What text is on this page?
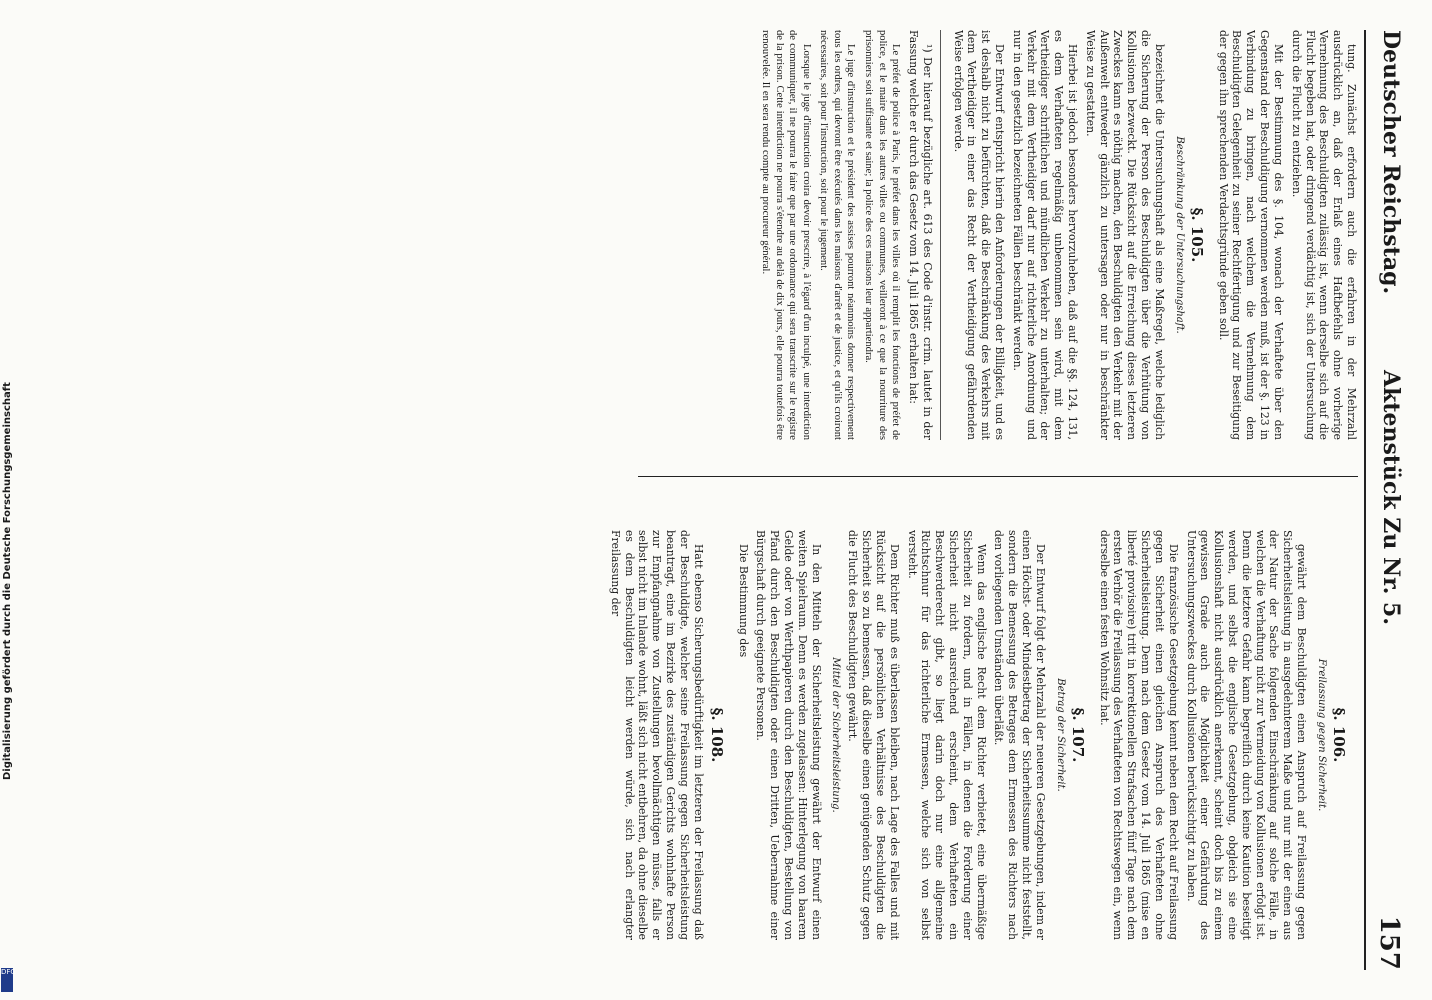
Digitalisierung gefördert durch die Deutsche Forschungsgemeinschaft
DFG
Deutscher Reichstag.
Aktenstück Zu Nr. 5.
157

tung. Zunächst erfordern auch die erfahren in der Mehrzahl ausdrücklich an, daß der Erlaß eines Haftbefehls ohne vorherige Vernehmung des Beschuldigten zulässig ist, wenn derselbe sich auf die Flucht begeben hat, oder dringend verdächtig ist, sich der Untersuchung durch die Flucht zu entziehen.

Mit der Bestimmung des §. 104, wonach der Verhaftete über den Gegenstand der Beschuldigung vernommen werden muß, ist der §. 123 in Verbindung zu bringen, nach welchem die Vernehmung dem Beschuldigten Gelegenheit zu seiner Rechtfertigung und zur Beseitigung der gegen ihn sprechenden Verdachtsgründe geben soll.

§. 105.
Beschränkung der Untersuchungshaft.

bezeichnet die Untersuchungshaft als eine Maßregel, welche lediglich die Sicherung der Person des Beschuldigten über die Verhütung von Kollusionen bezweckt. Die Rücksicht auf die Erreichung dieses letzteren Zweckes kann es nöthig machen, den Beschuldigten den Verkehr mit der Außenwelt entweder gänzlich zu untersagen oder nur in beschränkter Weise zu gestatten.

Hierbei ist jedoch besonders hervorzuheben, daß auf die §§. 124, 131, es dem Verhafteten regelmäßig unbenommen sein wird, mit dem Vertheidiger schriftlichen und mündlichen Verkehr zu unterhalten; der Verkehr mit dem Vertheidiger darf nur auf richterliche Anordnung und nur in den gesetzlich bezeichneten Fällen beschränkt werden.

Der Entwurf entspricht hierin den Anforderungen der Billigkeit, und es ist deshalb nicht zu befürchten, daß die Beschränkung des Verkehrs mit dem Vertheidiger in einer das Recht der Vertheidigung gefährdenden Weise erfolgen werde.

¹) Der hierauf bezügliche art. 613 des Code d'instr. crim. lautet in der Fassung welche er durch das Gesetz vom 14. Juli 1865 erhalten hat:

Le préfet de police à Paris, le préfet dans les villes où il remplit les fonctions de préfet de police, et le maire dans les autres villes ou communes, veilleront à ce que la nourriture des prisonniers soit suffisante et saine; la police des ces maisons leur appartiendra.

Le juge d'instruction et le président des assises pourront néanmoins donner respectivement tous les ordres, qui devront être exécutés dans les maisons d'arrêt et de justice, et qu'ils croiront nécessaires, soit pour l'instruction, soit pour le jugement.

Lorsque le juge d'instruction croira devoir prescrire, à l'égard d'un inculpé, une interdiction de communiquer, il ne pourra le faire que par une ordonnance qui sera transcrite sur le registre de la prison. Cette interdiction ne pourra s'étendre au delà de dix jours, elle pourra toutefois être renouvelée. Il en sera rendu compte au procureur général.

§. 106.
Freilassung gegen Sicherheit.

gewährt dem Beschuldigten einen Anspruch auf Freilassung gegen Sicherheitsleistung in ausgedehnterem Maße und nur mit der einen aus der Natur der Sache folgenden Einschränkung auf solche Fälle, in welchen die Verhaftung nicht zur Vermeidung von Kollusionen erfolgt ist. Denn die letztere Gefahr kann begreiflich durch keine Kaution beseitigt werden, und selbst die englische Gesetzgebung, obgleich sie eine Kollusionshaft nicht ausdrücklich anerkennt, scheint doch bis zu einem gewissen Grade auch die Möglichkeit einer Gefährdung des Untersuchungszweckes durch Kollusionen berücksichtigt zu haben.

Die französische Gesetzgebung kennt neben dem Recht auf Freilassung gegen Sicherheit einen gleichen Anspruch des Verhafteten ohne Sicherheitsleistung. Denn nach dem Gesetz vom 14. Juli 1865 (mise en liberté provisoire) tritt in korrektionellen Strafsachen fünf Tage nach dem ersten Verhör die Freilassung des Verhafteten von Rechtswegen ein, wenn derselbe einen festen Wohnsitz hat.

§. 107.
Betrag der Sicherheit.

Der Entwurf folgt der Mehrzahl der neueren Gesetzgebungen, indem er einen Höchst- oder Mindestbetrag der Sicherheitssumme nicht feststellt, sondern die Bemessung des Betrages dem Ermessen des Richters nach den vorliegenden Umständen überläßt.

Wenn das englische Recht dem Richter verbietet, eine übermäßige Sicherheit zu fordern, und in Fällen, in denen die Forderung einer Sicherheit nicht ausreichend erscheint, dem Verhafteten ein Beschwerderecht gibt, so liegt darin doch nur eine allgemeine Richtschnur für das richterliche Ermessen, welche sich von selbst versteht.

Dem Richter muß es überlassen bleiben, nach Lage des Falles und mit Rücksicht auf die persönlichen Verhältnisse des Beschuldigten die Sicherheit so zu bemessen, daß dieselbe einen genügenden Schutz gegen die Flucht des Beschuldigten gewährt.

Mittel der Sicherheitsleistung.

In den Mitteln der Sicherheitsleistung gewährt der Entwurf einen weiten Spielraum. Denn es werden zugelassen: Hinterlegung von baarem Gelde oder von Werthpapieren durch den Beschuldigten, Bestellung von Pfand durch den Beschuldigten oder einen Dritten, Uebernahme einer Bürgschaft durch geeignete Personen.

Die Bestimmung des

§. 108.

Hatt ebenso Sicherungsbedürftigkeit im letzteren der Freilassung daß der Beschuldigte, welcher seine Freilassung gegen Sicherheitsleistung beantragt, eine im Bezirke des zuständigen Gerichts wohnhafte Person zur Empfangnahme von Zustellungen bevollmächtigen müsse, falls er selbst nicht im Inlande wohnt, läßt sich nicht entbehren, da ohne dieselbe es dem Beschuldigten leicht werden würde, sich nach erlangter Freilassung der
